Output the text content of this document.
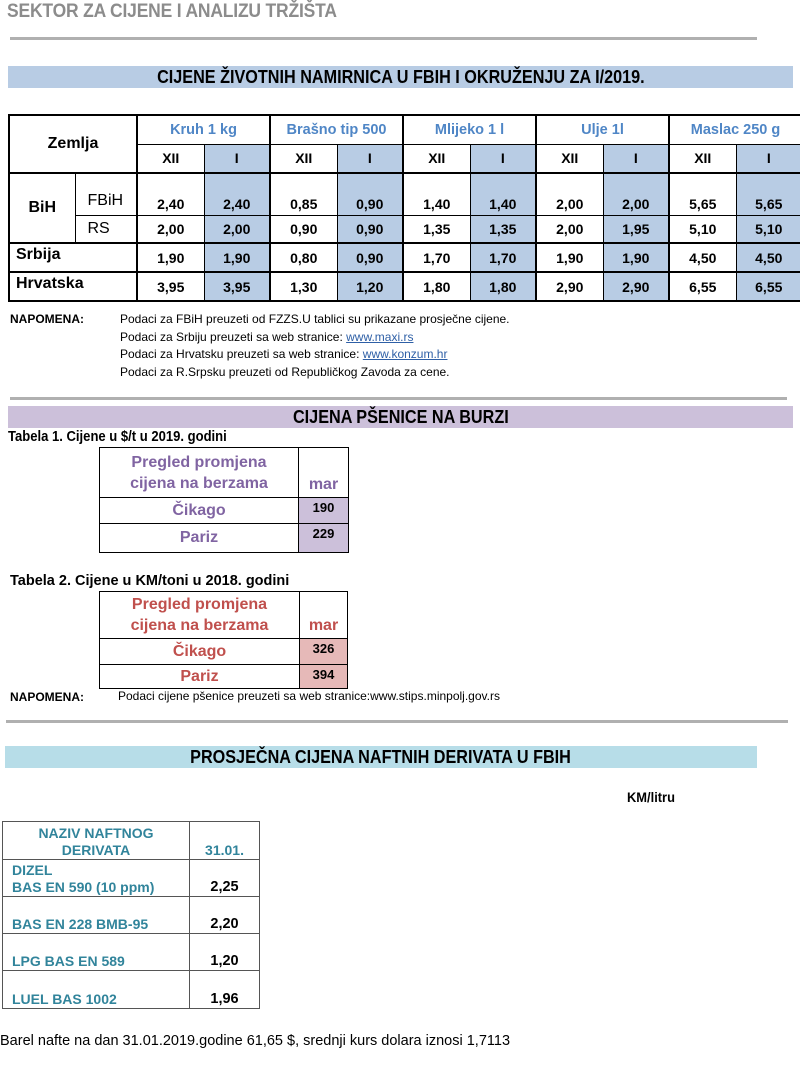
SEKTOR ZA CIJENE I ANALIZU TRŽIŠTA
CIJENE ŽIVOTNIH NAMIRNICA U FBIH I OKRUŽENJU ZA I/2019.
Zemlja		Kruh 1 kg		Brašno tip 500		Mlijeko 1 l		Ulje 1l		Maslac 250 g	
		XII	I	XII	I	XII	I	XII	I	XII	I
BiH	FBiH	2,40	2,40	0,85	0,90	1,40	1,40	2,00	2,00	5,65	5,65
	RS	2,00	2,00	0,90	0,90	1,35	1,35	2,00	1,95	5,10	5,10
Srbija		1,90	1,90	0,80	0,90	1,70	1,70	1,90	1,90	4,50	4,50
Hrvatska		3,95	3,95	1,30	1,20	1,80	1,80	2,90	2,90	6,55	6,55
NAPOMENA:	Podaci za FBiH preuzeti od FZZS.U tablici su prikazane prosječne cijene.
Podaci za Srbiju preuzeti sa web stranice: www.maxi.rs
Podaci za Hrvatsku preuzeti sa web stranice: www.konzum.hr
Podaci za R.Srpsku preuzeti od Republičkog Zavoda za cene.
CIJENA PŠENICE NA BURZI
Tabela 1. Cijene u $/t u 2019. godini
Pregled promjena
cijena na berzama	mar
Čikago	190
Pariz	229
Tabela 2. Cijene u KM/toni u 2018. godini
Pregled promjena
cijena na berzama	mar
Čikago	326
Pariz	394
NAPOMENA:	Podaci cijene pšenice preuzeti sa web stranice:www.stips.minpolj.gov.rs
PROSJEČNA CIJENA NAFTNIH DERIVATA U FBIH
KM/litru
NAZIV NAFTNOG
DERIVATA	31.01.

DIZEL
BAS EN 590 (10 ppm)	2,25
BAS EN 228 BMB-95	2,20
LPG BAS EN 589	1,20
LUEL BAS 1002	1,96
Barel nafte na dan 31.01.2019.godine 61,65 $, srednji kurs dolara iznosi 1,7113
